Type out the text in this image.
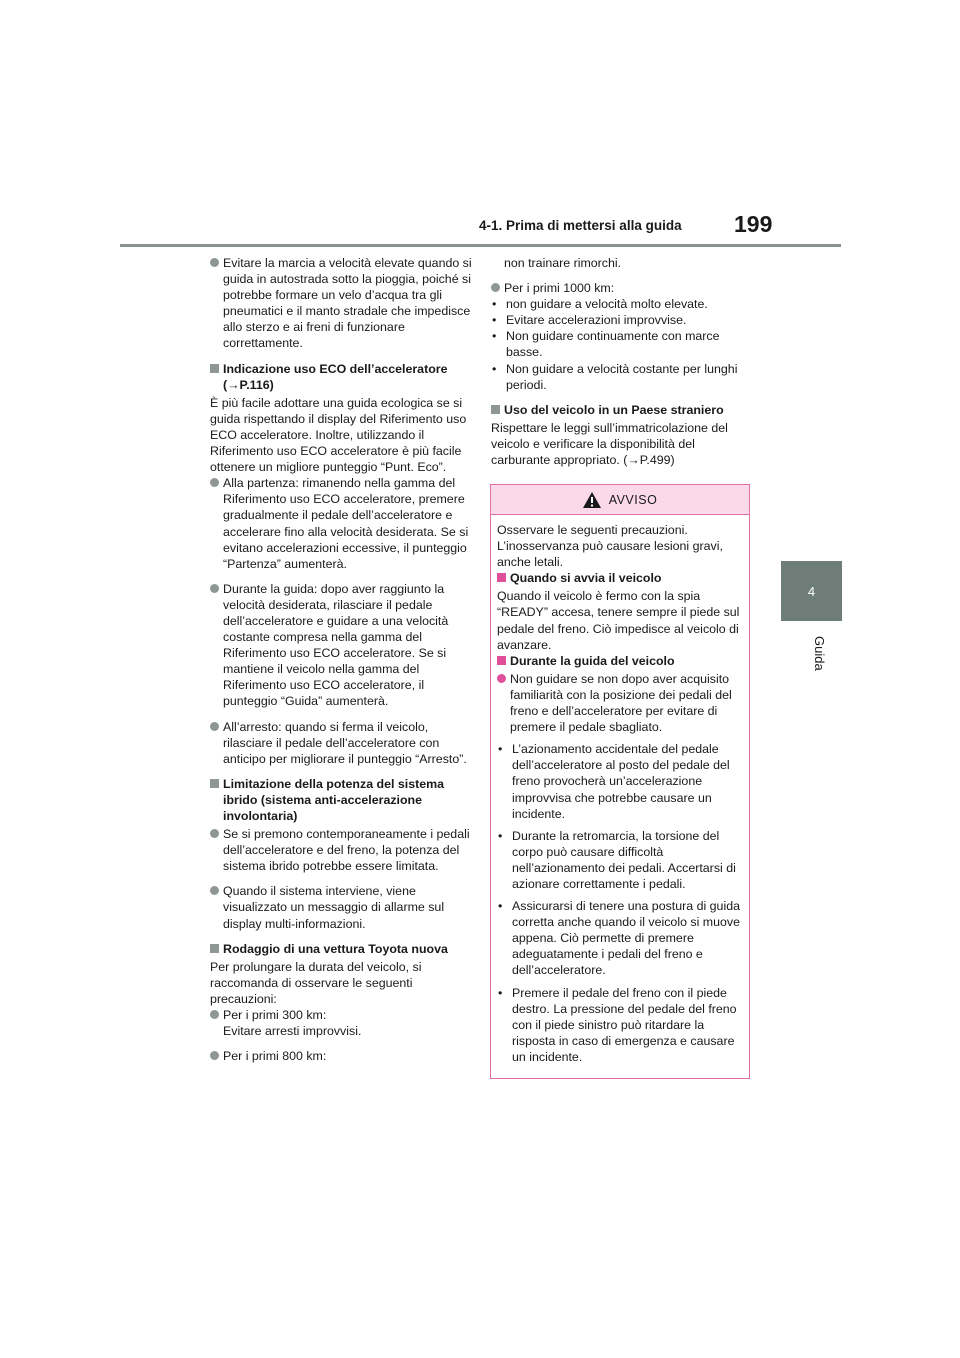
4-1. Prima di mettersi alla guida 199
4
Guida
Evitare la marcia a velocità elevate quando si guida in autostrada sotto la pioggia, poiché si potrebbe formare un velo d’acqua tra gli pneumatici e il manto stradale che impedisce allo sterzo e ai freni di funzionare correttamente.
Indicazione uso ECO dell’acceleratore
( →P.116)

È più facile adottare una guida ecologica se si guida rispettando il display del Riferimento uso ECO acceleratore. Inoltre, utilizzando il Riferimento uso ECO acceleratore è più facile ottenere un migliore punteggio “Punt. Eco”.

Alla partenza: rimanendo nella gamma del Riferimento uso ECO acceleratore, premere gradualmente il pedale dell’acceleratore e accelerare fino alla velocità desiderata. Se si evitano accelerazioni eccessive, il punteggio “Partenza” aumenterà.
Durante la guida: dopo aver raggiunto la velocità desiderata, rilasciare il pedale dell’acceleratore e guidare a una velocità costante compresa nella gamma del Riferimento uso ECO acceleratore. Se si mantiene il veicolo nella gamma del Riferimento uso ECO acceleratore, il punteggio “Guida” aumenterà.
All’arresto: quando si ferma il veicolo, rilasciare il pedale dell’acceleratore con anticipo per migliorare il punteggio “Arresto”.
Limitazione della potenza del sistema ibrido (sistema anti-accelerazione involontaria)
Se si premono contemporaneamente i pedali dell’acceleratore e del freno, la potenza del sistema ibrido potrebbe essere limitata.
Quando il sistema interviene, viene visualizzato un messaggio di allarme sul display multi-informazioni.
Rodaggio di una vettura Toyota nuova

Per prolungare la durata del veicolo, si raccomanda di osservare le seguenti precauzioni:

Per i primi 300 km:
Evitare arresti improvvisi.
Per i primi 800 km:
non trainare rimorchi.
Per i primi 1000 km:
• non guidare a velocità molto elevate.
• Evitare accelerazioni improvvise.
• Non guidare continuamente con marce basse.
• Non guidare a velocità costante per lunghi periodi.
Uso del veicolo in un Paese straniero

Rispettare le leggi sull’immatricolazione del veicolo e verificare la disponibilità del carburante appropriato. (→P.499)

AVVISO

Osservare le seguenti precauzioni. L’inosservanza può causare lesioni gravi, anche letali.

Quando si avvia il veicolo

Quando il veicolo è fermo con la spia “READY” accesa, tenere sempre il piede sul pedale del freno. Ciò impedisce al veicolo di avanzare.

Durante la guida del veicolo
Non guidare se non dopo aver acquisito familiarità con la posizione dei pedali del freno e dell’acceleratore per evitare di premere il pedale sbagliato.
• L’azionamento accidentale del pedale dell’acceleratore al posto del pedale del freno provocherà un’accelerazione improvvisa che potrebbe causare un incidente.
• Durante la retromarcia, la torsione del corpo può causare difficoltà nell’azionamento dei pedali. Accertarsi di azionare correttamente i pedali.
• Assicurarsi di tenere una postura di guida corretta anche quando il veicolo si muove appena. Ciò permette di premere adeguatamente i pedali del freno e dell’acceleratore.
• Premere il pedale del freno con il piede destro. La pressione del pedale del freno con il piede sinistro può ritardare la risposta in caso di emergenza e causare un incidente.
